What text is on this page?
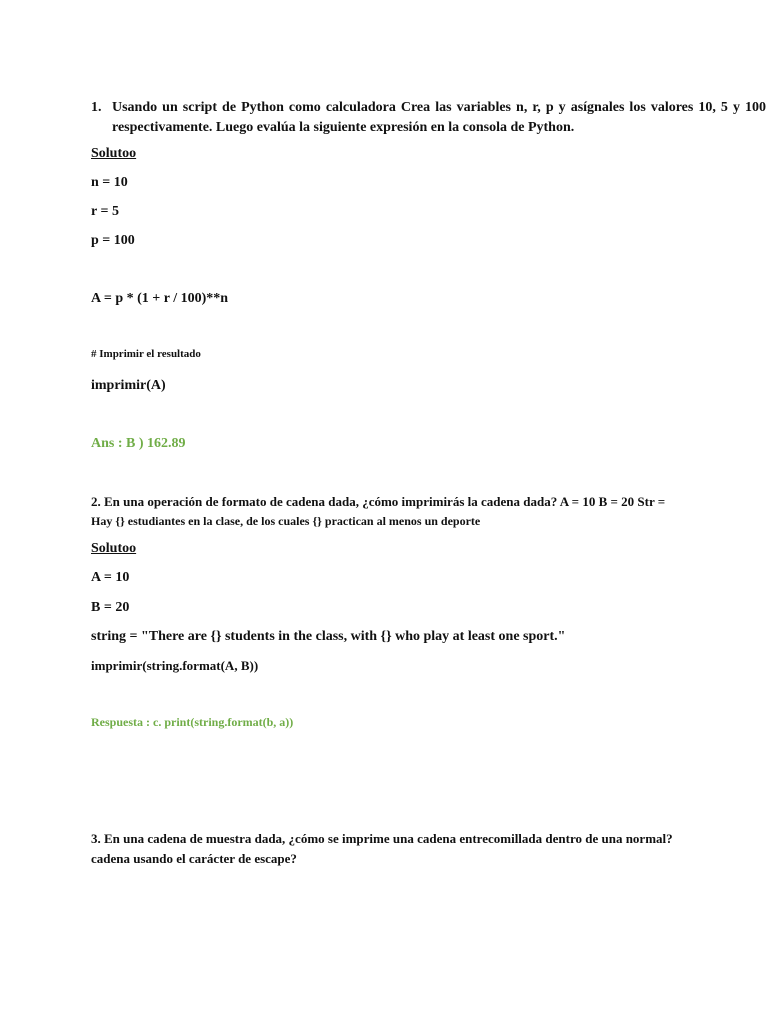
1. Usando un script de Python como calculadora Crea las variables n, r, p y asígnales los valores 10, 5 y 100 respectivamente. Luego evalúa la siguiente expresión en la consola de Python.
Solutoo
n = 10
r = 5
p = 100
A = p * (1 + r / 100)**n
# Imprimir el resultado
imprimir(A)
Ans : B ) 162.89
2. En una operación de formato de cadena dada, ¿cómo imprimirás la cadena dada? A = 10 B = 20 Str =
Hay {} estudiantes en la clase, de los cuales {} practican al menos un deporte
Solutoo
A = 10
B = 20
string = "There are {} students in the class, with {} who play at least one sport."
imprimir(string.format(A, B))
Respuesta : c. print(string.format(b, a))
3. En una cadena de muestra dada, ¿cómo se imprime una cadena entrecomillada dentro de una normal?
cadena usando el carácter de escape?
